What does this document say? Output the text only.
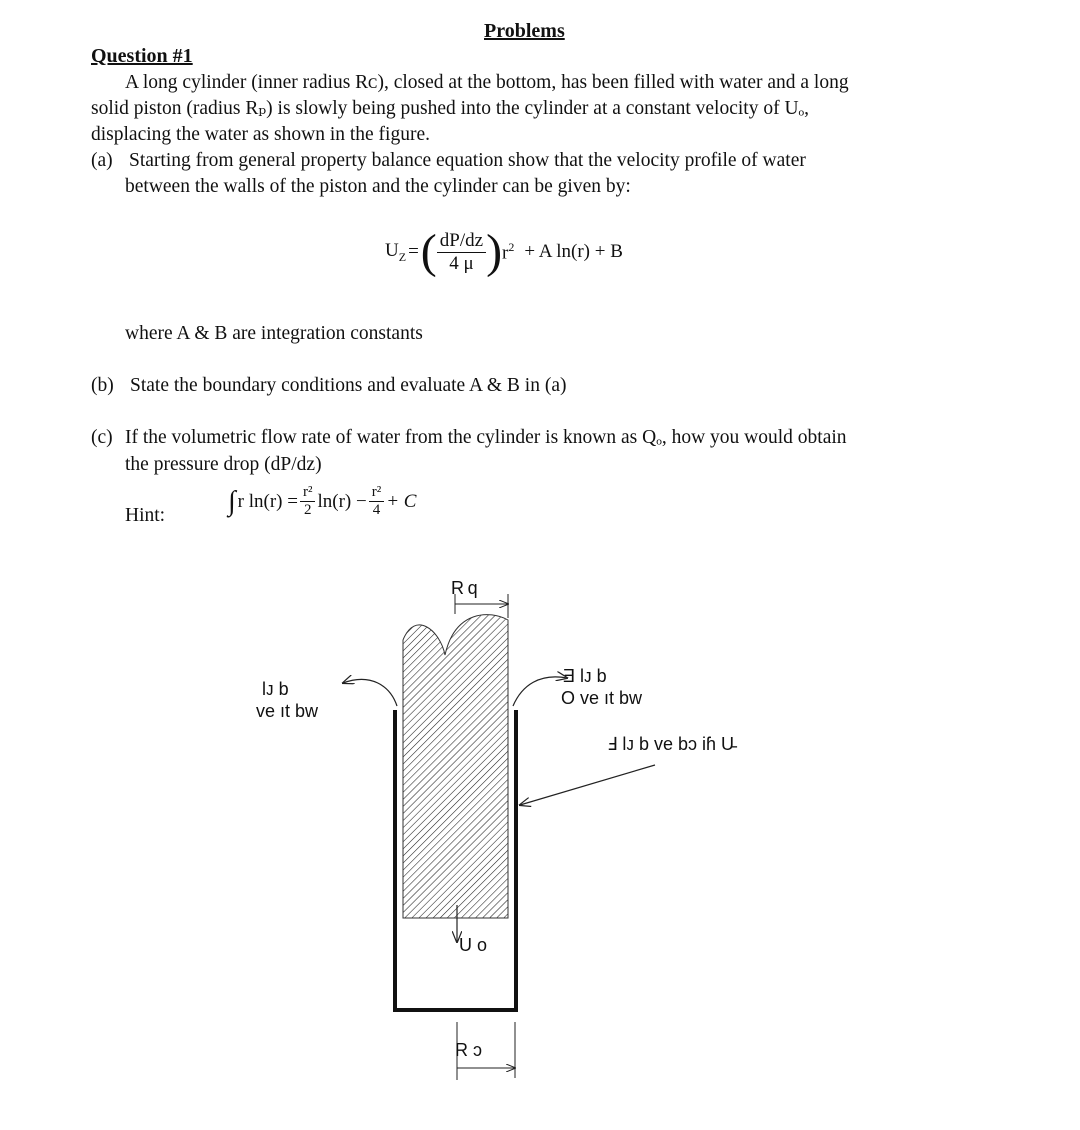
Problems
Question #1
A long cylinder (inner radius Rᴄ), closed at the bottom, has been filled with water and a long
solid piston (radius Rₚ) is slowly being pushed into the cylinder at a constant velocity of Uₒ,
displacing the water as shown in the figure.
(a) Starting from general property balance equation show that the velocity profile of water
between the walls of the piston and the cylinder can be given by:
$U_Z$ = ( $\frac{dP/dz}{4 \mu}$ ) $r^2 + A$ ln(r) + B
where A & B are integration constants
(b) State the boundary conditions and evaluate A & B in (a)
(c) If the volumetric flow rate of water from the cylinder is known as Qₒ, how you would obtain
the pressure drop (dP/dz)
Hint: ∫ r $\ln(r) = \frac{\text{r²}}{2} \ln(r) - \frac{\text{r²}}{4} + C$
R q
R ɔ
lᴊ b
ve ıt bw
Ǝ lᴊ b
O ve ıt bw
Ⅎ lᴊ b ve bɔ iɦ U̵
U o
